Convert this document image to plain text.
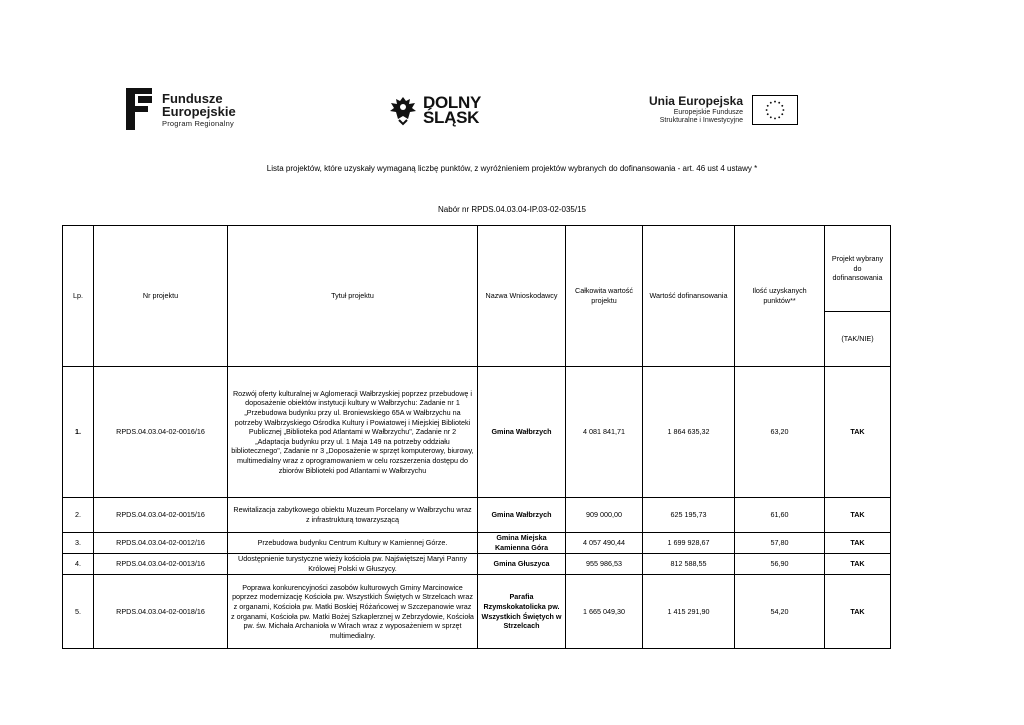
Fundusze
Europejskie
Program Regionalny
DOLNY
ŚLĄSK
Unia Europejska
Europejskie Fundusze
Strukturalne i Inwestycyjne
Lista projektów, które uzyskały wymaganą liczbę punktów, z wyróżnieniem projektów wybranych do dofinansowania - art. 46 ust 4 ustawy *
Nabór nr RPDS.04.03.04-IP.03-02-035/15
Lp.	Nr projektu	Tytuł projektu	Nazwa Wnioskodawcy	Całkowita wartość projektu	Wartość dofinansowania	Ilość uzyskanych punktów**	Projekt wybrany do dofinansowania
							(TAK/NIE)
1.	RPDS.04.03.04-02-0016/16	Rozwój oferty kulturalnej w Aglomeracji Wałbrzyskiej poprzez przebudowę i doposażenie obiektów instytucji kultury w Wałbrzychu: Zadanie nr 1 „Przebudowa budynku przy ul. Broniewskiego 65A w Wałbrzychu na potrzeby Wałbrzyskiego Ośrodka Kultury i Powiatowej i Miejskiej Biblioteki Publicznej „Biblioteka pod Atlantami w Wałbrzychu", Zadanie nr 2 „Adaptacja budynku przy ul. 1 Maja 149 na potrzeby oddziału bibliotecznego", Zadanie nr 3 „Doposażenie w sprzęt komputerowy, biurowy, multimedialny wraz z oprogramowaniem w celu rozszerzenia dostępu do zbiorów Biblioteki pod Atlantami w Wałbrzychu	Gmina Wałbrzych	4 081 841,71	1 864 635,32	63,20	TAK
2.	RPDS.04.03.04-02-0015/16	Rewitalizacja zabytkowego obiektu Muzeum Porcelany w Wałbrzychu wraz z infrastrukturą towarzyszącą	Gmina Wałbrzych	909 000,00	625 195,73	61,60	TAK
3.	RPDS.04.03.04-02-0012/16	Przebudowa budynku Centrum Kultury w Kamiennej Górze.	Gmina Miejska Kamienna Góra	4 057 490,44	1 699 928,67	57,80	TAK
4.	RPDS.04.03.04-02-0013/16	Udostępnienie turystyczne wieży kościoła pw. Najświętszej Maryi Panny Królowej Polski w Głuszycy.	Gmina Głuszyca	955 986,53	812 588,55	56,90	TAK
5.	RPDS.04.03.04-02-0018/16	Poprawa konkurencyjności zasobów kulturowych Gminy Marcinowice poprzez modernizację Kościoła pw. Wszystkich Świętych w Strzelcach wraz z organami, Kościoła pw. Matki Boskiej Różańcowej w Szczepanowie wraz z organami, Kościoła pw. Matki Bożej Szkaplerznej w Zebrzydowie, Kościoła pw. św. Michała Archanioła w Wirach wraz z wyposażeniem w sprzęt multimedialny.	Parafia Rzymskokatolicka pw. Wszystkich Świętych w Strzelcach	1 665 049,30	1 415 291,90	54,20	TAK
